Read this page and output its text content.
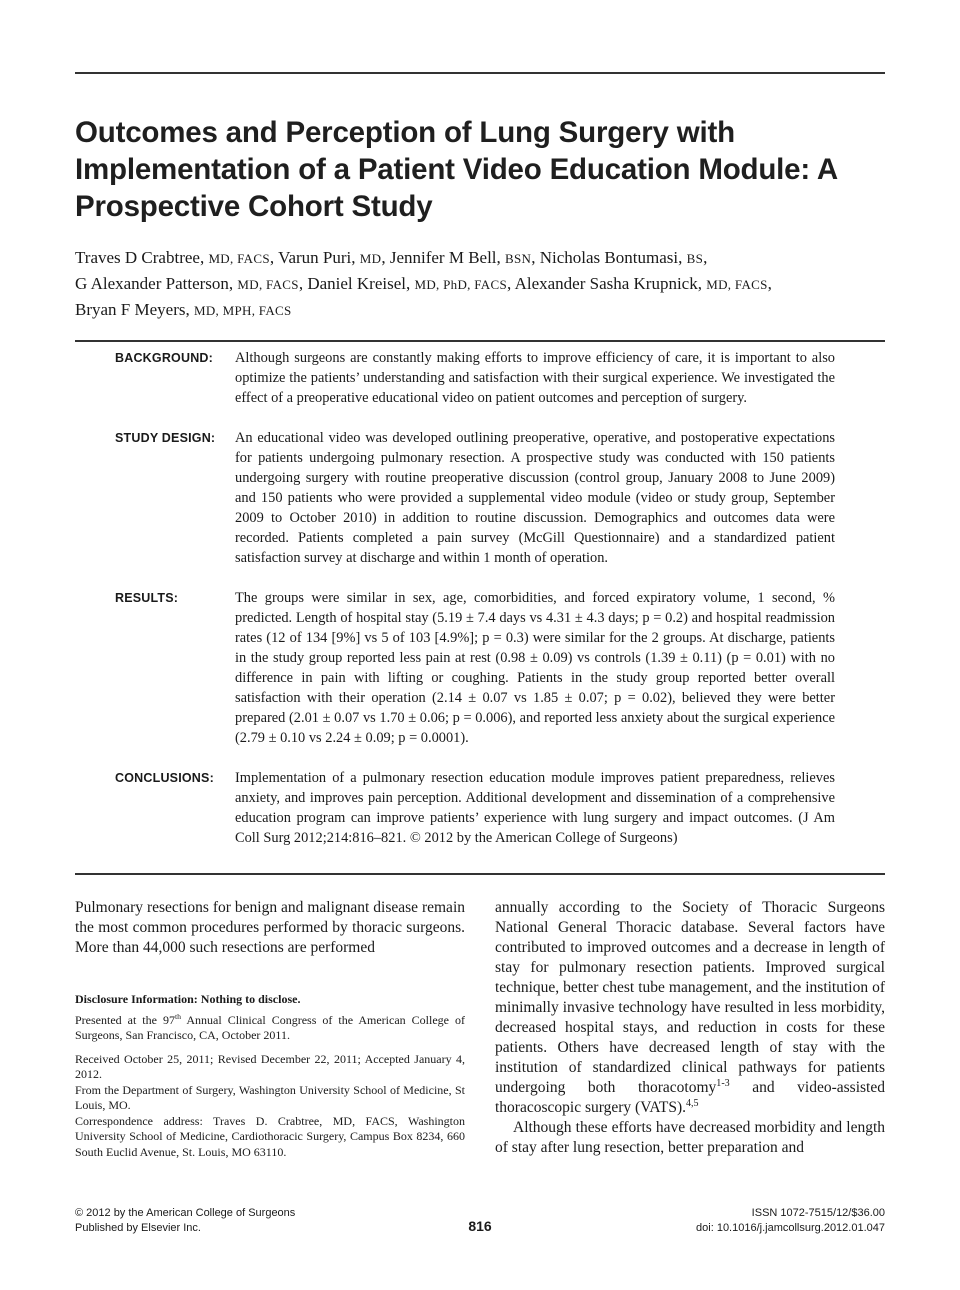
Outcomes and Perception of Lung Surgery with Implementation of a Patient Video Education Module: A Prospective Cohort Study
Traves D Crabtree, MD, FACS, Varun Puri, MD, Jennifer M Bell, BSN, Nicholas Bontumasi, BS,
G Alexander Patterson, MD, FACS, Daniel Kreisel, MD, PhD, FACS, Alexander Sasha Krupnick, MD, FACS,
Bryan F Meyers, MD, MPH, FACS
BACKGROUND:	Although surgeons are constantly making efforts to improve efficiency of care, it is important to also optimize the patients’ understanding and satisfaction with their surgical experience. We investigated the effect of a preoperative educational video on patient outcomes and perception of surgery.

STUDY DESIGN:	An educational video was developed outlining preoperative, operative, and postoperative expectations for patients undergoing pulmonary resection. A prospective study was conducted with 150 patients undergoing surgery with routine preoperative discussion (control group, January 2008 to June 2009) and 150 patients who were provided a supplemental video module (video or study group, September 2009 to October 2010) in addition to routine discussion. Demographics and outcomes data were recorded. Patients completed a pain survey (McGill Questionnaire) and a standardized patient satisfaction survey at discharge and within 1 month of operation.

RESULTS:	The groups were similar in sex, age, comorbidities, and forced expiratory volume, 1 second, % predicted. Length of hospital stay (5.19 ± 7.4 days vs 4.31 ± 4.3 days; p = 0.2) and hospital readmission rates (12 of 134 [9%] vs 5 of 103 [4.9%]; p = 0.3) were similar for the 2 groups. At discharge, patients in the study group reported less pain at rest (0.98 ± 0.09) vs controls (1.39 ± 0.11) (p = 0.01) with no difference in pain with lifting or coughing. Patients in the study group reported better overall satisfaction with their operation (2.14 ± 0.07 vs 1.85 ± 0.07; p = 0.02), believed they were better prepared (2.01 ± 0.07 vs 1.70 ± 0.06; p = 0.006), and reported less anxiety about the surgical experience (2.79 ± 0.10 vs 2.24 ± 0.09; p = 0.0001).

CONCLUSIONS:	Implementation of a pulmonary resection education module improves patient preparedness, relieves anxiety, and improves pain perception. Additional development and dissemination of a comprehensive education program can improve patients’ experience with lung surgery and impact outcomes. (J Am Coll Surg 2012;214:816–821. © 2012 by the American College of Surgeons)

Pulmonary resections for benign and malignant disease remain the most common procedures performed by thoracic surgeons. More than 44,000 such resections are performed

Disclosure Information: Nothing to disclose.

Presented at the 97th Annual Clinical Congress of the American College of Surgeons, San Francisco, CA, October 2011.

Received October 25, 2011; Revised December 22, 2011; Accepted January 4, 2012.

From the Department of Surgery, Washington University School of Medicine, St Louis, MO.

Correspondence address: Traves D. Crabtree, MD, FACS, Washington University School of Medicine, Cardiothoracic Surgery, Campus Box 8234, 660 South Euclid Avenue, St. Louis, MO 63110.

annually according to the Society of Thoracic Surgeons National General Thoracic database. Several factors have contributed to improved outcomes and a decrease in length of stay for pulmonary resection patients. Improved surgical technique, better chest tube management, and the institution of minimally invasive technology have resulted in less morbidity, decreased hospital stays, and reduction in costs for these patients. Others have decreased length of stay with the institution of standardized clinical pathways for patients undergoing both thoracotomy$^{1-3}$ and video-assisted thoracoscopic surgery (VATS).$^{4,5}$

Although these efforts have decreased morbidity and length of stay after lung resection, better preparation and

© 2012 by the American College of Surgeons
Published by Elsevier Inc.	816
ISSN 1072-7515/12/$36.00
doi: 10.1016/j.jamcollsurg.2012.01.047
